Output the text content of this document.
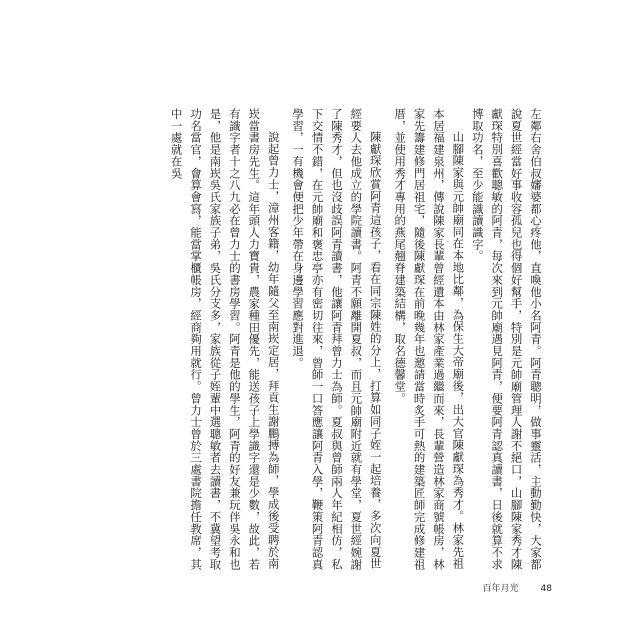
左鄰右舍伯叔嬸婆都心疼他，直喚他小名阿青。阿青聰明，做事靈活，主動勤快，大家都說夏世經當好事收容孤兒也得個好幫手，特別是元帥廟管理人謝不絕口，山腳陳家秀才陳獻琛特別喜歡聰敏的阿青，每次來到元帥廟遇見阿青，便要阿青認真讀書，日後就算不求博取功名，至少能識讀識字。

山腳陳家與元帥廟同在本地比鄰，為保生大帝廟後，出大官陳獻琛為秀才。林家先祖本居福建泉州，傳說陳家長輩曾經遺本由林家產業過繼而來，長輩營造林家商號帳房，林家先籌建修門居祖宅，隨後陳獻琛在前晚幾年也邀請當時炙手可熱的建築匠師完成修建祖厝，並使用秀才專用的燕尾翹脊建築結構，取名德馨堂。

陳獻琛欣賞阿青這孩子，看在同宗陳姓的分上，打算如同子姪一起培養，多次向夏世經要人去他成立的學院讀書。阿青不願離開夏叔，而且元帥廟附近就有學堂，夏世經婉謝了陳秀才，但也沒歧誤阿青讀書，他讓阿青拜曾力士為師。夏叔與曾師兩人年紀相仿，私下交情不錯，在元帥廟和褒忠亭亦有密切往來，曾師一口答應讓阿青入學，鞭策阿青認真學習，一有機會便把少年帶在身邊學習應對進退。

說起曾力士，漳州客籍，幼年隨父至南崁定居，拜貢生謝鵬搏為師，學成後受聘於南崁當書房先生。這年頭人力寶貴，農家種田優先，能送孩子上學識字還是少數，故此，若有識字者十之八九必在曾力士的書房學習。阿青是他的學生，阿青的好友兼玩伴吳永和也是，他是南崁吳氏家族子弟，吳氏分支多，家族從子姪輩中選聰敏者去讀書，不冀望考取功名當官，會算會寫，能當掌櫃帳房，經商夠用就行。曾力士曾於三處書院擔任教席，其中一處就在吳

百年月光 48
